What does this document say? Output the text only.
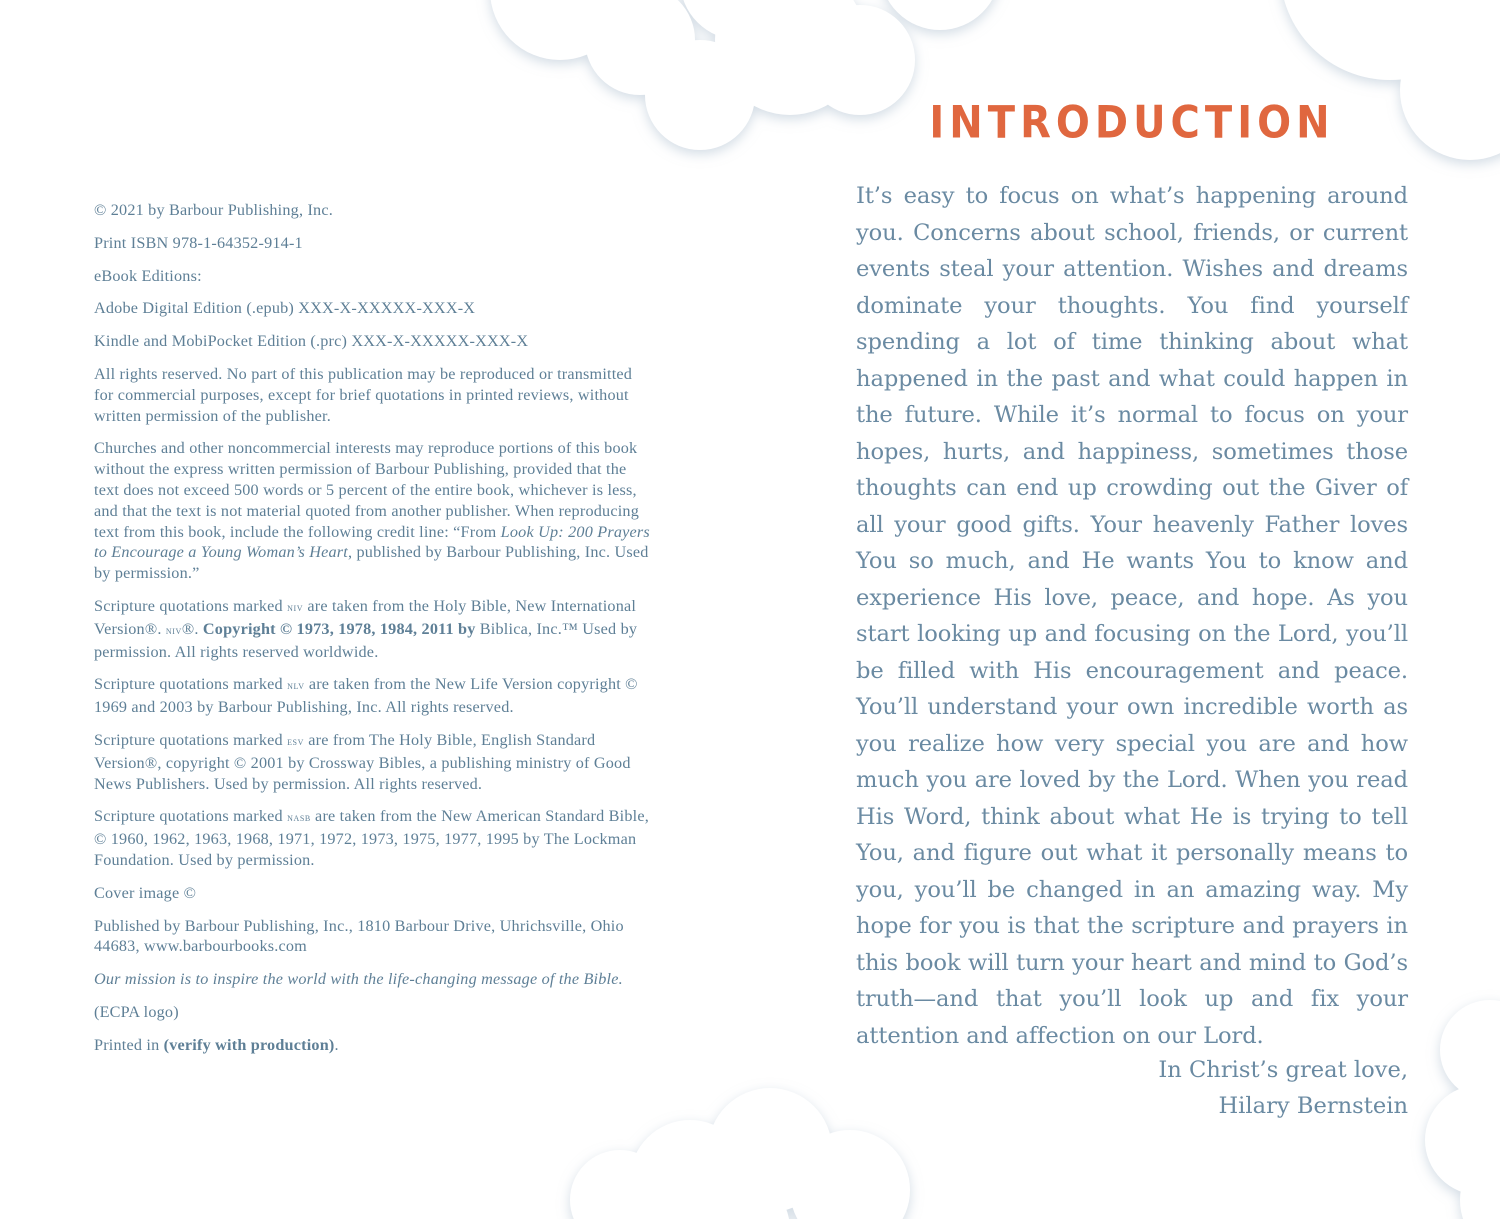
© 2021 by Barbour Publishing, Inc.

Print ISBN 978-1-64352-914-1

eBook Editions:

Adobe Digital Edition (.epub) XXX-X-XXXXX-XXX-X

Kindle and MobiPocket Edition (.prc) XXX-X-XXXXX-XXX-X

All rights reserved. No part of this publication may be reproduced or transmitted for commercial purposes, except for brief quotations in printed reviews, without written permission of the publisher.

Churches and other noncommercial interests may reproduce portions of this book without the express written permission of Barbour Publishing, provided that the text does not exceed 500 words or 5 percent of the entire book, whichever is less, and that the text is not material quoted from another publisher. When reproducing text from this book, include the following credit line: “From Look Up: 200 Prayers to Encourage a Young Woman’s Heart, published by Barbour Publishing, Inc. Used by permission.”

Scripture quotations marked niv are taken from the Holy Bible, New International Version®. niv®. Copyright © 1973, 1978, 1984, 2011 by Biblica, Inc.™ Used by permission. All rights reserved worldwide.

Scripture quotations marked nlv are taken from the New Life Version copyright © 1969 and 2003 by Barbour Publishing, Inc. All rights reserved.

Scripture quotations marked esv are from The Holy Bible, English Standard Version®, copyright © 2001 by Crossway Bibles, a publishing ministry of Good News Publishers. Used by permission. All rights reserved.

Scripture quotations marked nasb are taken from the New American Standard Bible, © 1960, 1962, 1963, 1968, 1971, 1972, 1973, 1975, 1977, 1995 by The Lockman Foundation. Used by permission.

Cover image ©

Published by Barbour Publishing, Inc., 1810 Barbour Drive, Uhrichsville, Ohio 44683, www.barbourbooks.com

Our mission is to inspire the world with the life-changing message of the Bible.

(ECPA logo)

Printed in (verify with production).

INTRODUCTION

It’s easy to focus on what’s happening around you. Concerns about school, friends, or current events steal your attention. Wishes and dreams dominate your thoughts. You find yourself spending a lot of time thinking about what happened in the past and what could happen in the future. While it’s normal to focus on your hopes, hurts, and happiness, sometimes those thoughts can end up crowding out the Giver of all your good gifts. Your heavenly Father loves You so much, and He wants You to know and experience His love, peace, and hope. As you start looking up and focusing on the Lord, you’ll be filled with His encouragement and peace. You’ll understand your own incredible worth as you realize how very special you are and how much you are loved by the Lord. When you read His Word, think about what He is trying to tell You, and figure out what it personally means to you, you’ll be changed in an amazing way. My hope for you is that the scripture and prayers in this book will turn your heart and mind to God’s truth—and that you’ll look up and fix your attention and affection on our Lord.

In Christ’s great love,
Hilary Bernstein
